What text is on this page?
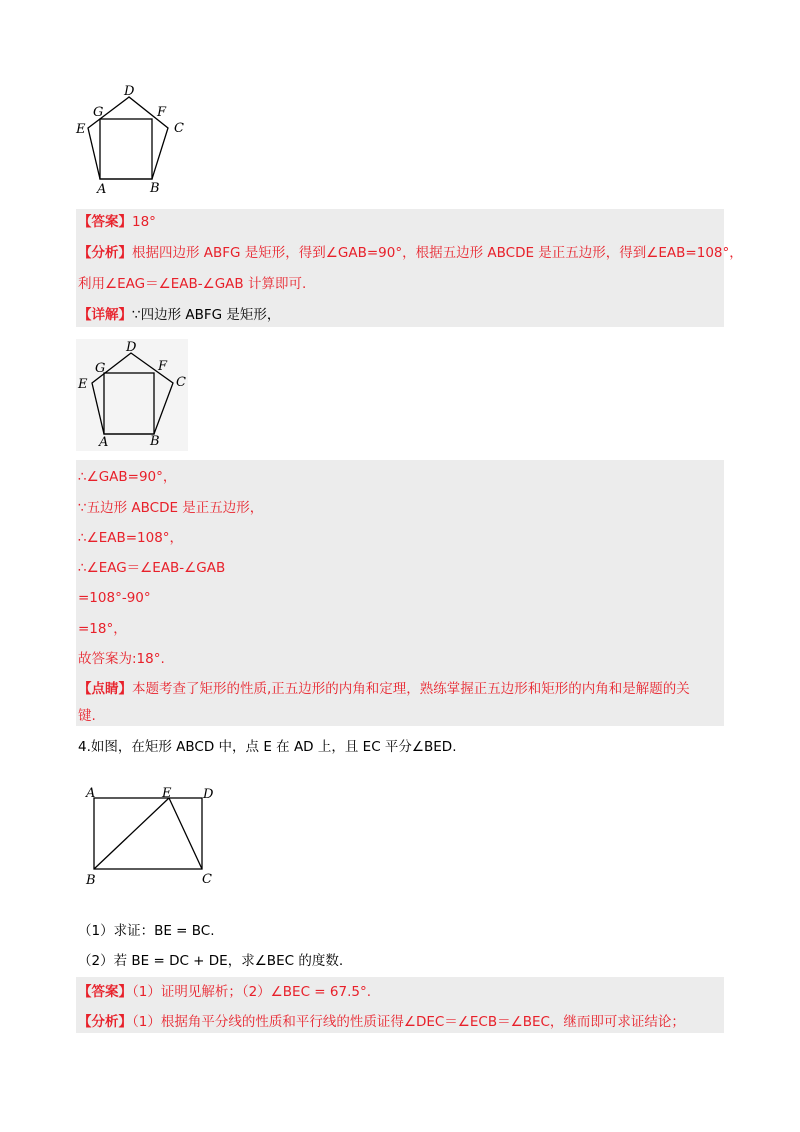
D
G	F
E	C
A	B
【答案】18°
【分析】根据四边形 ABFG 是矩形，得到∠GAB=90°，根据五边形 ABCDE 是正五边形，得到∠EAB=108°，
利用∠EAG＝∠EAB-∠GAB 计算即可.
【详解】∵四边形 ABFG 是矩形，
D
G	F
E	C
A	B
∴∠GAB=90°，
∵五边形 ABCDE 是正五边形，
∴∠EAB=108°，
∴∠EAG＝∠EAB-∠GAB
=108°-90°
=18°，
故答案为:18°.
【点睛】本题考查了矩形的性质,正五边形的内角和定理，熟练掌握正五边形和矩形的内角和是解题的关
键.
4.如图，在矩形 ABCD 中，点 E 在 AD 上，且 EC 平分∠BED.
A	E D
B	C
（1）求证：BE = BC.
（2）若 BE = DC + DE，求∠BEC 的度数.
【答案】（1）证明见解析；（2）∠BEC = 67.5°.
【分析】（1）根据角平分线的性质和平行线的性质证得∠DEC＝∠ECB＝∠BEC，继而即可求证结论；
